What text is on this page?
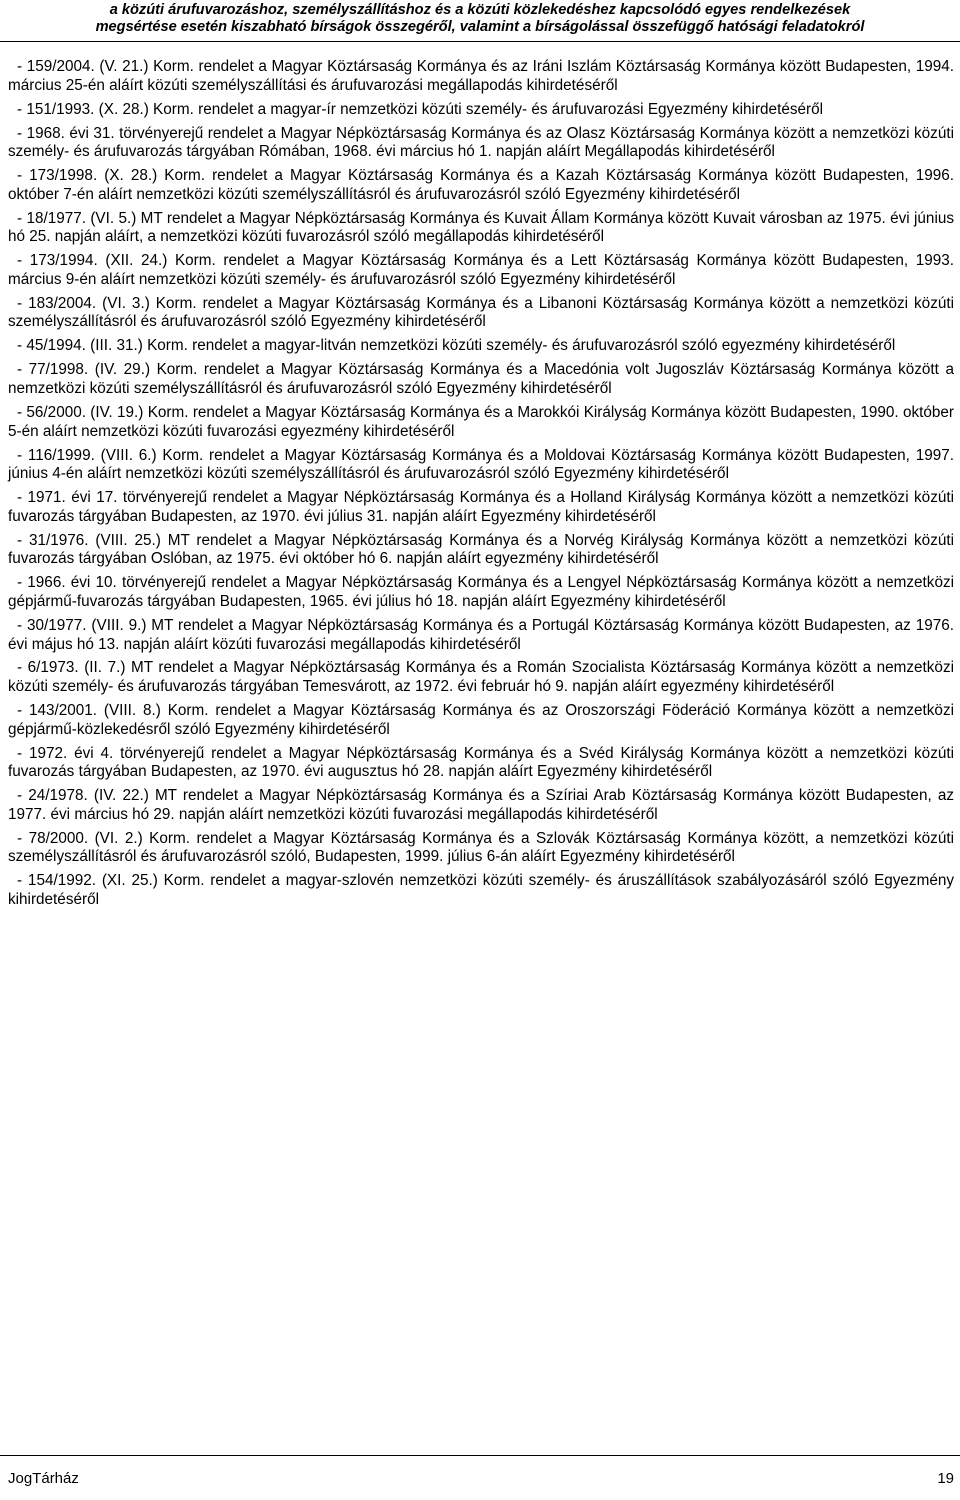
a közúti árufuvarozáshoz, személyszállításhoz és a közúti közlekedéshez kapcsolódó egyes rendelkezések
megsértése esetén kiszabható bírságok összegéről, valamint a bírságolással összefüggő hatósági feladatokról

- 159/2004. (V. 21.) Korm. rendelet a Magyar Köztársaság Kormánya és az Iráni Iszlám Köztársaság Kormánya között Budapesten, 1994. március 25-én aláírt közúti személyszállítási és árufuvarozási megállapodás kihirdetéséről

- 151/1993. (X. 28.) Korm. rendelet a magyar-ír nemzetközi közúti személy- és árufuvarozási Egyezmény kihirdetéséről

- 1968. évi 31. törvényerejű rendelet a Magyar Népköztársaság Kormánya és az Olasz Köztársaság Kormánya között a nemzetközi közúti személy- és árufuvarozás tárgyában Rómában, 1968. évi március hó 1. napján aláírt Megállapodás kihirdetéséről

- 173/1998. (X. 28.) Korm. rendelet a Magyar Köztársaság Kormánya és a Kazah Köztársaság Kormánya között Budapesten, 1996. október 7-én aláírt nemzetközi közúti személyszállításról és árufuvarozásról szóló Egyezmény kihirdetéséről

- 18/1977. (VI. 5.) MT rendelet a Magyar Népköztársaság Kormánya és Kuvait Állam Kormánya között Kuvait városban az 1975. évi június hó 25. napján aláírt, a nemzetközi közúti fuvarozásról szóló megállapodás kihirdetéséről

- 173/1994. (XII. 24.) Korm. rendelet a Magyar Köztársaság Kormánya és a Lett Köztársaság Kormánya között Budapesten, 1993. március 9-én aláírt nemzetközi közúti személy- és árufuvarozásról szóló Egyezmény kihirdetéséről

- 183/2004. (VI. 3.) Korm. rendelet a Magyar Köztársaság Kormánya és a Libanoni Köztársaság Kormánya között a nemzetközi közúti személyszállításról és árufuvarozásról szóló Egyezmény kihirdetéséről

- 45/1994. (III. 31.) Korm. rendelet a magyar-litván nemzetközi közúti személy- és árufuvarozásról szóló egyezmény kihirdetéséről

- 77/1998. (IV. 29.) Korm. rendelet a Magyar Köztársaság Kormánya és a Macedónia volt Jugoszláv Köztársaság Kormánya között a nemzetközi közúti személyszállításról és árufuvarozásról szóló Egyezmény kihirdetéséről

- 56/2000. (IV. 19.) Korm. rendelet a Magyar Köztársaság Kormánya és a Marokkói Királyság Kormánya között Budapesten, 1990. október 5-én aláírt nemzetközi közúti fuvarozási egyezmény kihirdetéséről

- 116/1999. (VIII. 6.) Korm. rendelet a Magyar Köztársaság Kormánya és a Moldovai Köztársaság Kormánya között Budapesten, 1997. június 4-én aláírt nemzetközi közúti személyszállításról és árufuvarozásról szóló Egyezmény kihirdetéséről

- 1971. évi 17. törvényerejű rendelet a Magyar Népköztársaság Kormánya és a Holland Királyság Kormánya között a nemzetközi közúti fuvarozás tárgyában Budapesten, az 1970. évi július 31. napján aláírt Egyezmény kihirdetéséről

- 31/1976. (VIII. 25.) MT rendelet a Magyar Népköztársaság Kormánya és a Norvég Királyság Kormánya között a nemzetközi közúti fuvarozás tárgyában Oslóban, az 1975. évi október hó 6. napján aláírt egyezmény kihirdetéséről

- 1966. évi 10. törvényerejű rendelet a Magyar Népköztársaság Kormánya és a Lengyel Népköztársaság Kormánya között a nemzetközi gépjármű-fuvarozás tárgyában Budapesten, 1965. évi július hó 18. napján aláírt Egyezmény kihirdetéséről

- 30/1977. (VIII. 9.) MT rendelet a Magyar Népköztársaság Kormánya és a Portugál Köztársaság Kormánya között Budapesten, az 1976. évi május hó 13. napján aláírt közúti fuvarozási megállapodás kihirdetéséről

- 6/1973. (II. 7.) MT rendelet a Magyar Népköztársaság Kormánya és a Román Szocialista Köztársaság Kormánya között a nemzetközi közúti személy- és árufuvarozás tárgyában Temesvárott, az 1972. évi február hó 9. napján aláírt egyezmény kihirdetéséről

- 143/2001. (VIII. 8.) Korm. rendelet a Magyar Köztársaság Kormánya és az Oroszországi Föderáció Kormánya között a nemzetközi gépjármű-közlekedésről szóló Egyezmény kihirdetéséről

- 1972. évi 4. törvényerejű rendelet a Magyar Népköztársaság Kormánya és a Svéd Királyság Kormánya között a nemzetközi közúti fuvarozás tárgyában Budapesten, az 1970. évi augusztus hó 28. napján aláírt Egyezmény kihirdetéséről

- 24/1978. (IV. 22.) MT rendelet a Magyar Népköztársaság Kormánya és a Szíriai Arab Köztársaság Kormánya között Budapesten, az 1977. évi március hó 29. napján aláírt nemzetközi közúti fuvarozási megállapodás kihirdetéséről

- 78/2000. (VI. 2.) Korm. rendelet a Magyar Köztársaság Kormánya és a Szlovák Köztársaság Kormánya között, a nemzetközi közúti személyszállításról és árufuvarozásról szóló, Budapesten, 1999. július 6-án aláírt Egyezmény kihirdetéséről

- 154/1992. (XI. 25.) Korm. rendelet a magyar-szlovén nemzetközi közúti személy- és áruszállítások szabályozásáról szóló Egyezmény kihirdetéséről

JogTárház	19
